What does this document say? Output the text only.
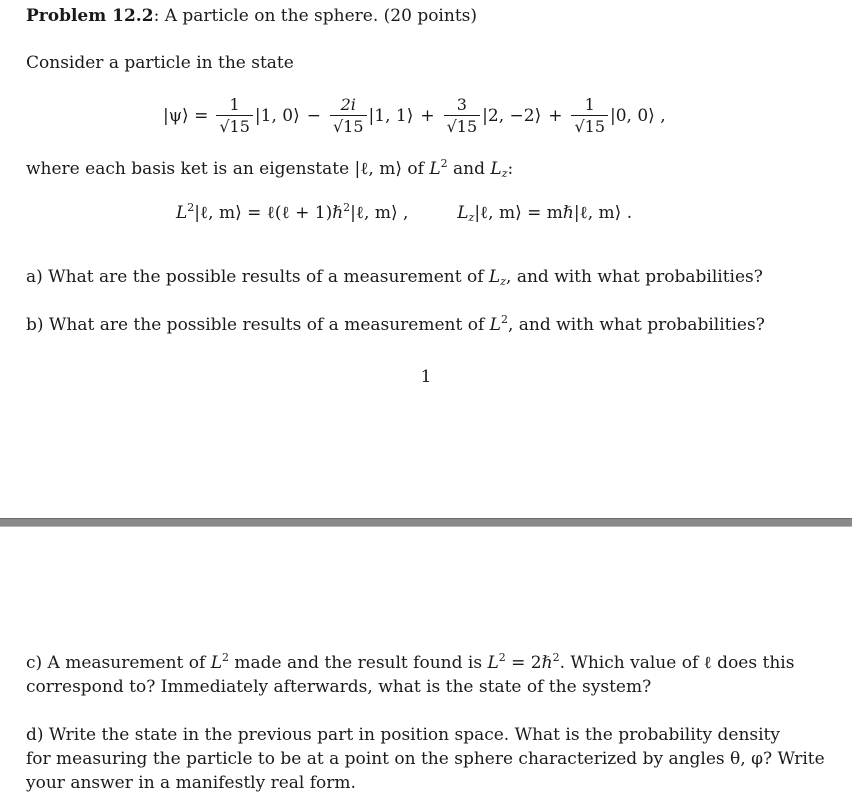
Problem 12.2: A particle on the sphere. (20 points)
Consider a particle in the state
|ψ⟩ = $\frac{1}{√15} |1$, 0⟩ − $\frac{2i}{√15} |1$, 1⟩ + $\frac{3}{√15} |2$, −2⟩ + $\frac{1}{√15} |0$, 0⟩ ,
where each basis ket is an eigenstate |ℓ, m⟩ of $L^2$ and $L_z$:
$L^2|\ell$, m⟩ = ℓ(ℓ + 1)ℏ$^2$|ℓ, m⟩ ,	$L_z|\ell$, m⟩ = mℏ|ℓ, m⟩ .
a) What are the possible results of a measurement of $L_z$, and with what probabilities?
b) What are the possible results of a measurement of $L^2$, and with what probabilities?
1
c) A measurement of $L^2$ made and the result found is $L^2$ = 2ℏ$^2$. Which value of ℓ does this
correspond to? Immediately afterwards, what is the state of the system?
d) Write the state in the previous part in position space. What is the probability density
for measuring the particle to be at a point on the sphere characterized by angles θ, φ? Write
your answer in a manifestly real form.
